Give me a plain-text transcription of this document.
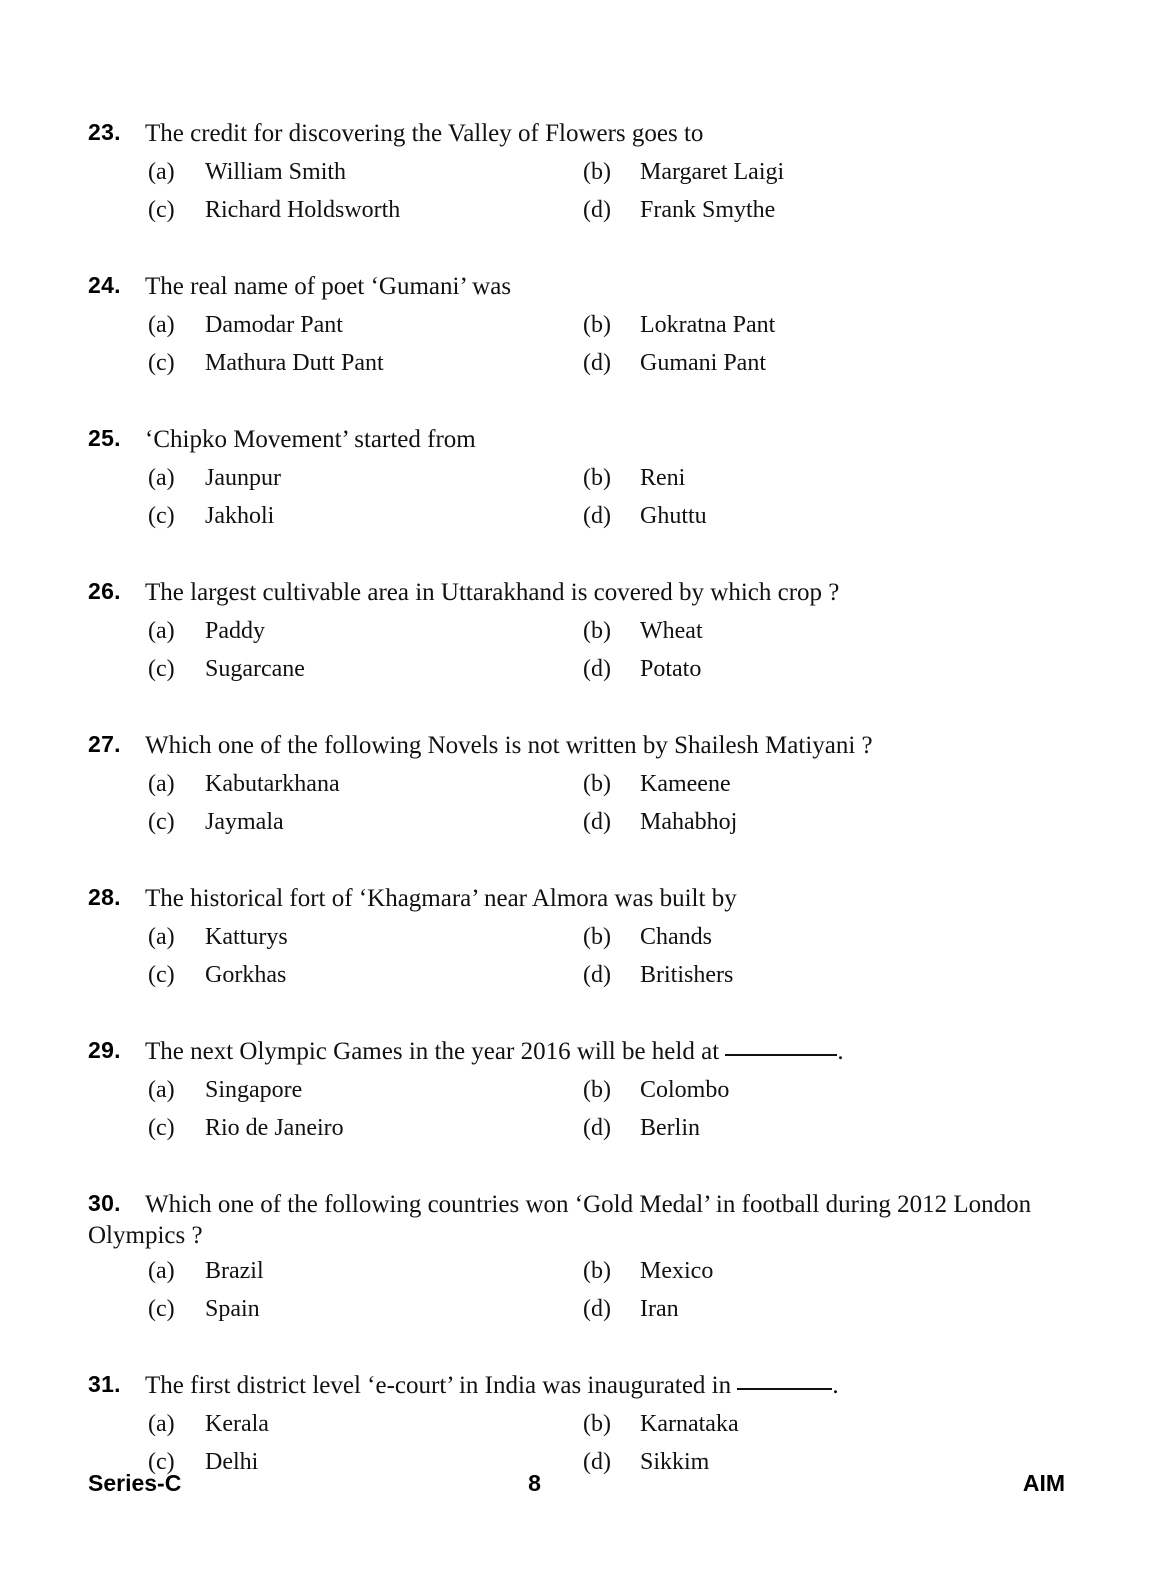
23. The credit for discovering the Valley of Flowers goes to
(a) William Smith	(b) Margaret Laigi
(c) Richard Holdsworth	(d) Frank Smythe
24. The real name of poet ‘Gumani’ was
(a) Damodar Pant	(b) Lokratna Pant
(c) Mathura Dutt Pant	(d) Gumani Pant
25. ‘Chipko Movement’ started from
(a) Jaunpur	(b) Reni
(c) Jakholi	(d) Ghuttu
26. The largest cultivable area in Uttarakhand is covered by which crop ?
(a) Paddy	(b) Wheat
(c) Sugarcane	(d) Potato
27. Which one of the following Novels is not written by Shailesh Matiyani ?
(a) Kabutarkhana	(b) Kameene
(c) Jaymala	(d) Mahabhoj
28. The historical fort of ‘Khagmara’ near Almora was built by
(a) Katturys	(b) Chands
(c) Gorkhas	(d) Britishers
29. The next Olympic Games in the year 2016 will be held at	.
(a) Singapore	(b) Colombo
(c) Rio de Janeiro	(d) Berlin
30. Which one of the following countries won ‘Gold Medal’ in football during 2012 London Olympics ?
(a) Brazil	(b) Mexico
(c) Spain	(d) Iran
31. The first district level ‘e-court’ in India was inaugurated in	.
(a) Kerala	(b) Karnataka
(c) Delhi	(d) Sikkim
Series-C	8	AIM
